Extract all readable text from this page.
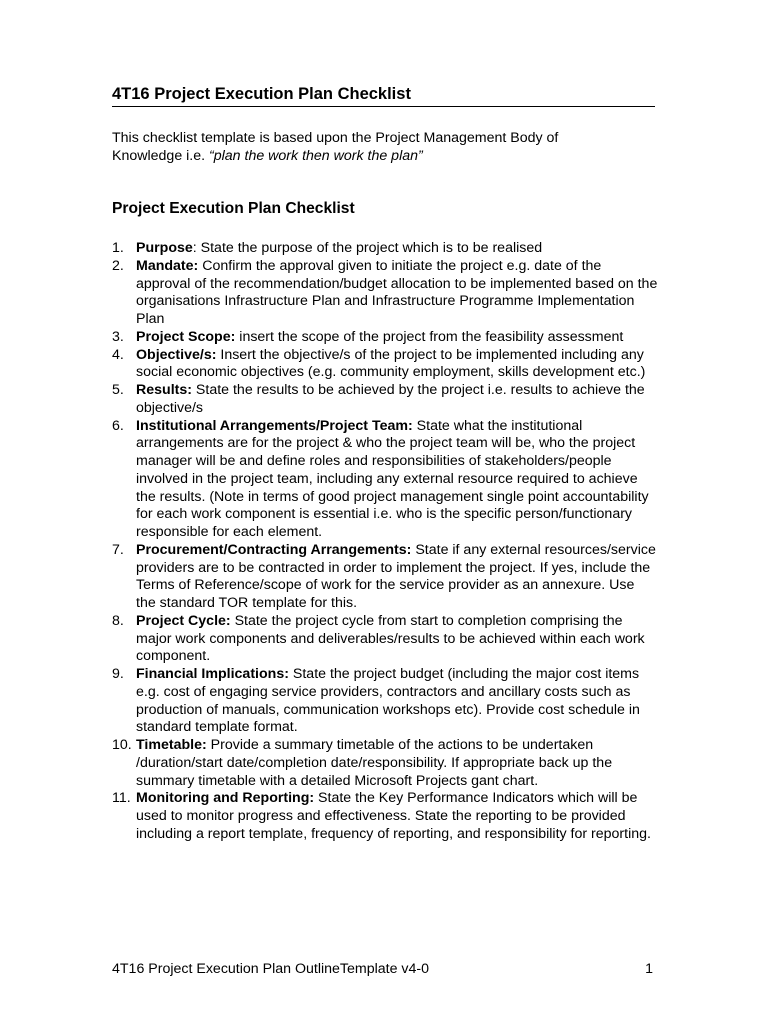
4T16 Project Execution Plan Checklist

This checklist template is based upon the Project Management Body of Knowledge i.e. “plan the work then work the plan”

Project Execution Plan Checklist
1. Purpose: State the purpose of the project which is to be realised
2. Mandate: Confirm the approval given to initiate the project e.g. date of the approval of the recommendation/budget allocation to be implemented based on the organisations Infrastructure Plan and Infrastructure Programme Implementation Plan
3. Project Scope: insert the scope of the project from the feasibility assessment
4. Objective/s: Insert the objective/s of the project to be implemented including any social economic objectives (e.g. community employment, skills development etc.)
5. Results: State the results to be achieved by the project i.e. results to achieve the objective/s
6. Institutional Arrangements/Project Team: State what the institutional arrangements are for the project & who the project team will be, who the project manager will be and define roles and responsibilities of stakeholders/people involved in the project team, including any external resource required to achieve the results. (Note in terms of good project management single point accountability for each work component is essential i.e. who is the specific person/functionary responsible for each element.
7. Procurement/Contracting Arrangements: State if any external resources/service providers are to be contracted in order to implement the project. If yes, include the Terms of Reference/scope of work for the service provider as an annexure. Use the standard TOR template for this.
8. Project Cycle: State the project cycle from start to completion comprising the major work components and deliverables/results to be achieved within each work component.
9. Financial Implications: State the project budget (including the major cost items e.g. cost of engaging service providers, contractors and ancillary costs such as production of manuals, communication workshops etc). Provide cost schedule in standard template format.
10. Timetable: Provide a summary timetable of the actions to be undertaken /duration/start date/completion date/responsibility. If appropriate back up the summary timetable with a detailed Microsoft Projects gant chart.
11. Monitoring and Reporting: State the Key Performance Indicators which will be used to monitor progress and effectiveness. State the reporting to be provided including a report template, frequency of reporting, and responsibility for reporting.
4T16 Project Execution Plan OutlineTemplate v4-0	1
